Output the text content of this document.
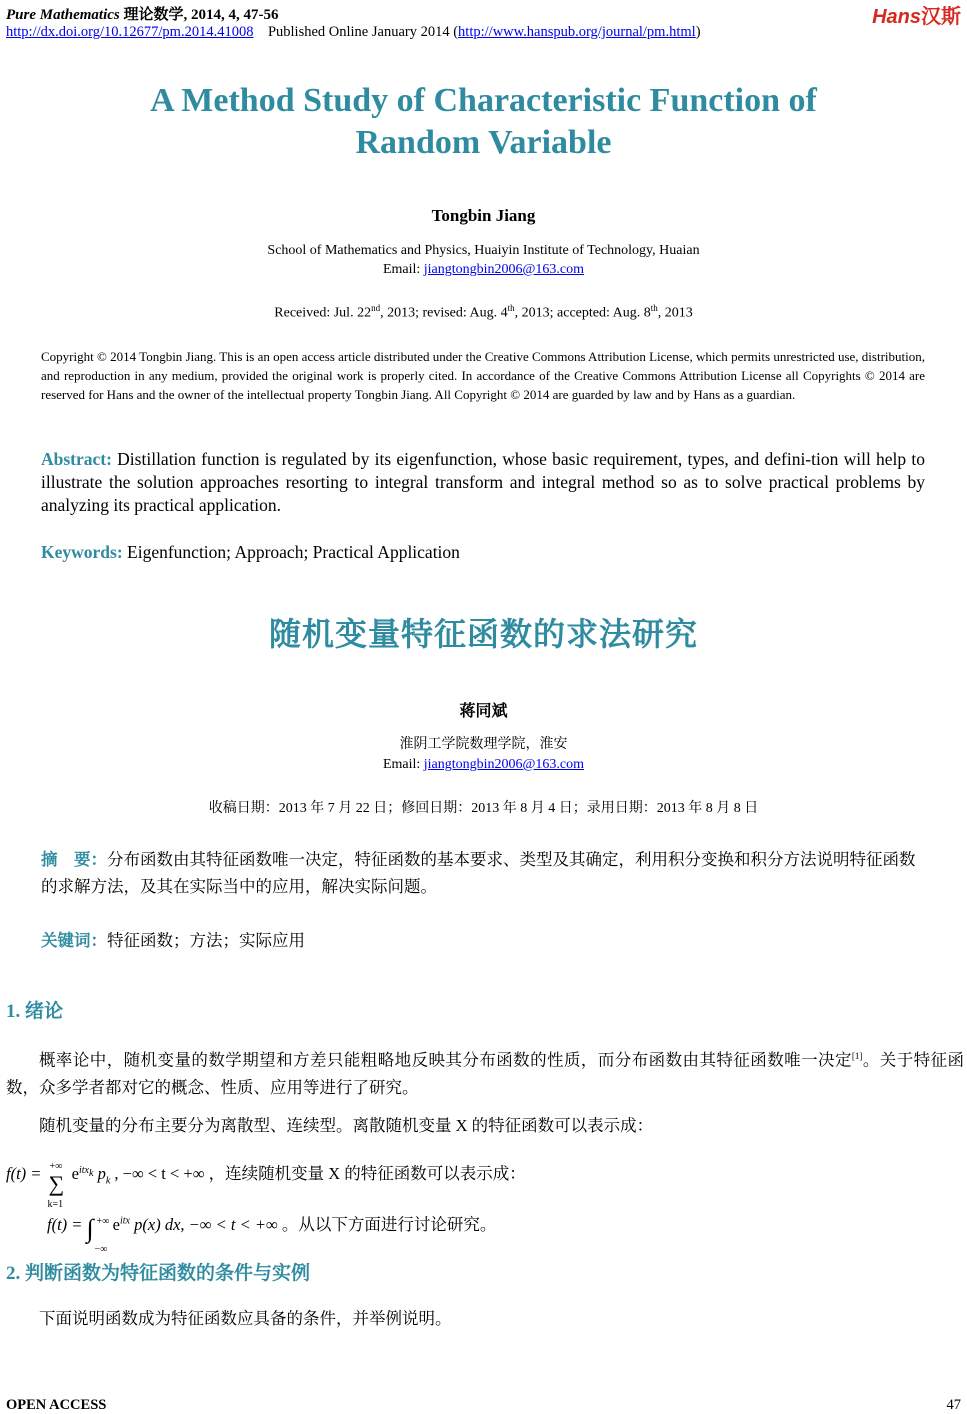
Pure Mathematics 理论数学, 2014, 4, 47-56
http://dx.doi.org/10.12677/pm.2014.41008 Published Online January 2014 (http://www.hanspub.org/journal/pm.html)
Hans汉斯
A Method Study of Characteristic Function of
Random Variable
Tongbin Jiang
School of Mathematics and Physics, Huaiyin Institute of Technology, Huaian
Email: jiangtongbin2006@163.com
Received: Jul. 22nd, 2013; revised: Aug. 4th, 2013; accepted: Aug. 8th, 2013
Copyright © 2014 Tongbin Jiang. This is an open access article distributed under the Creative Commons Attribution License, which permits unrestricted use, distribution, and reproduction in any medium, provided the original work is properly cited. In accordance of the Creative Commons Attribution License all Copyrights © 2014 are reserved for Hans and the owner of the intellectual property Tongbin Jiang. All Copyright © 2014 are guarded by law and by Hans as a guardian.
Abstract: Distillation function is regulated by its eigenfunction, whose basic requirement, types, and defini-tion will help to illustrate the solution approaches resorting to integral transform and integral method so as to solve practical problems by analyzing its practical application.
Keywords: Eigenfunction; Approach; Practical Application
随机变量特征函数的求法研究
蒋同斌
淮阴工学院数理学院，淮安
Email: jiangtongbin2006@163.com
收稿日期：2013 年 7 月 22 日；修回日期：2013 年 8 月 4 日；录用日期：2013 年 8 月 8 日
摘　要：分布函数由其特征函数唯一决定，特征函数的基本要求、类型及其确定，利用积分变换和积分方法说明特征函数的求解方法，及其在实际当中的应用，解决实际问题。
关键词：特征函数；方法；实际应用
1. 绪论
概率论中，随机变量的数学期望和方差只能粗略地反映其分布函数的性质，而分布函数由其特征函数唯一决定[1]。关于特征函数，众多学者都对它的概念、性质、应用等进行了研究。
随机变量的分布主要分为离散型、连续型。离散随机变量 X 的特征函数可以表示成：
f(t) = +∞
∑
k=1
$e^{itx_k}$ $p_k$ , −∞ < t < +∞ ，连续随机变量 X 的特征函数可以表示成：
f(t) = ∫ +∞
−∞
$e^{itx}$ p(x) dx, −∞ < t < +∞ 。从以下方面进行讨论研究。
2. 判断函数为特征函数的条件与实例
下面说明函数成为特征函数应具备的条件，并举例说明。
OPEN ACCESS	47
